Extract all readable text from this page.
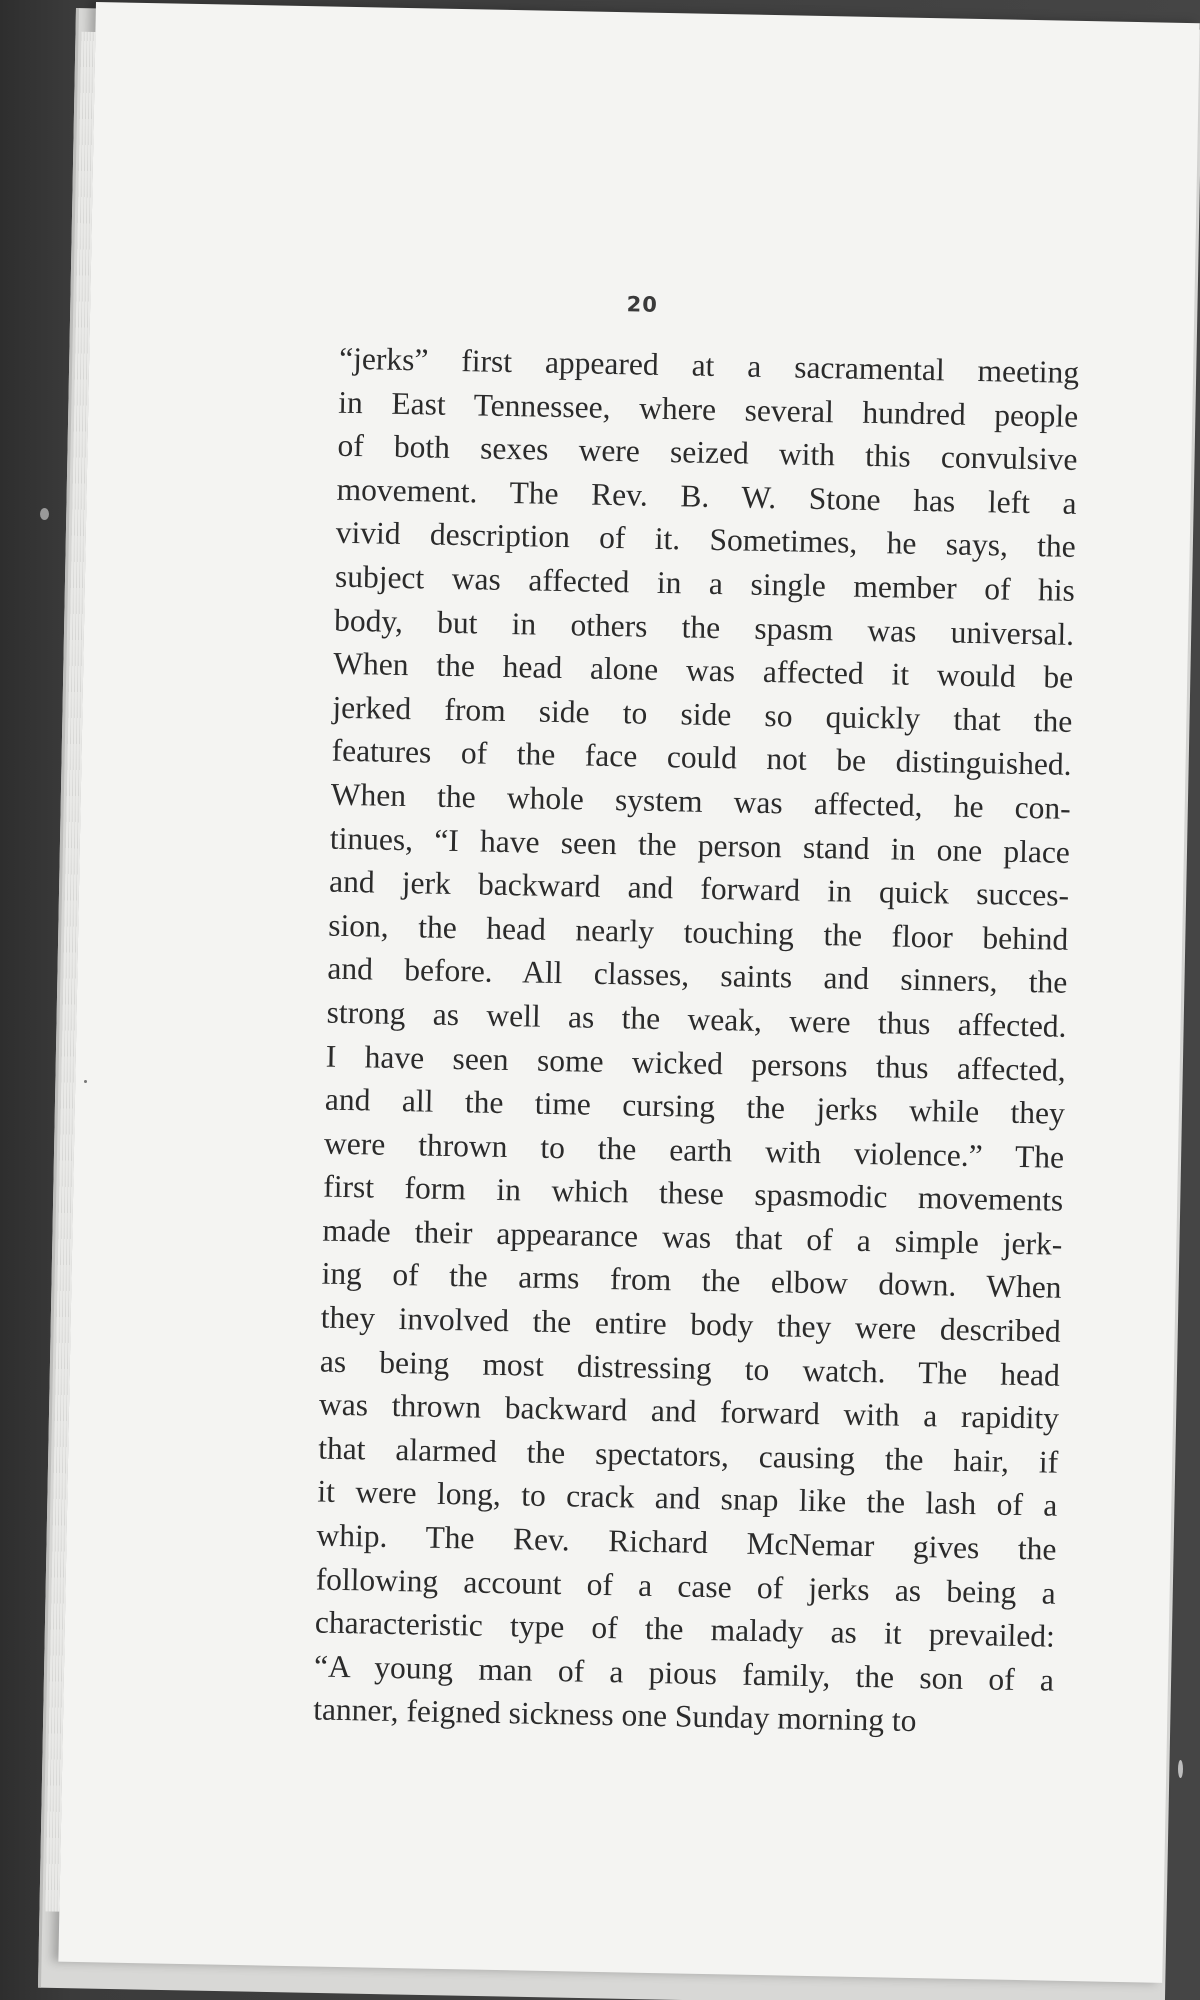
20
“jerks” first appeared at a sacramental meeting
in East Tennessee, where several hundred people
of both sexes were seized with this convulsive
movement. The Rev. B. W. Stone has left a
vivid description of it. Sometimes, he says, the
subject was affected in a single member of his
body, but in others the spasm was universal.
When the head alone was affected it would be
jerked from side to side so quickly that the
features of the face could not be distinguished.
When the whole system was affected, he con-
tinues, “I have seen the person stand in one place
and jerk backward and forward in quick succes-
sion, the head nearly touching the floor behind
and before. All classes, saints and sinners, the
strong as well as the weak, were thus affected.
I have seen some wicked persons thus affected,
and all the time cursing the jerks while they
were thrown to the earth with violence.” The
first form in which these spasmodic movements
made their appearance was that of a simple jerk-
ing of the arms from the elbow down. When
they involved the entire body they were described
as being most distressing to watch. The head
was thrown backward and forward with a rapidity
that alarmed the spectators, causing the hair, if
it were long, to crack and snap like the lash of a
whip. The Rev. Richard McNemar gives the
following account of a case of jerks as being a
characteristic type of the malady as it prevailed:
“A young man of a pious family, the son of a
tanner, feigned sickness one Sunday morning to
